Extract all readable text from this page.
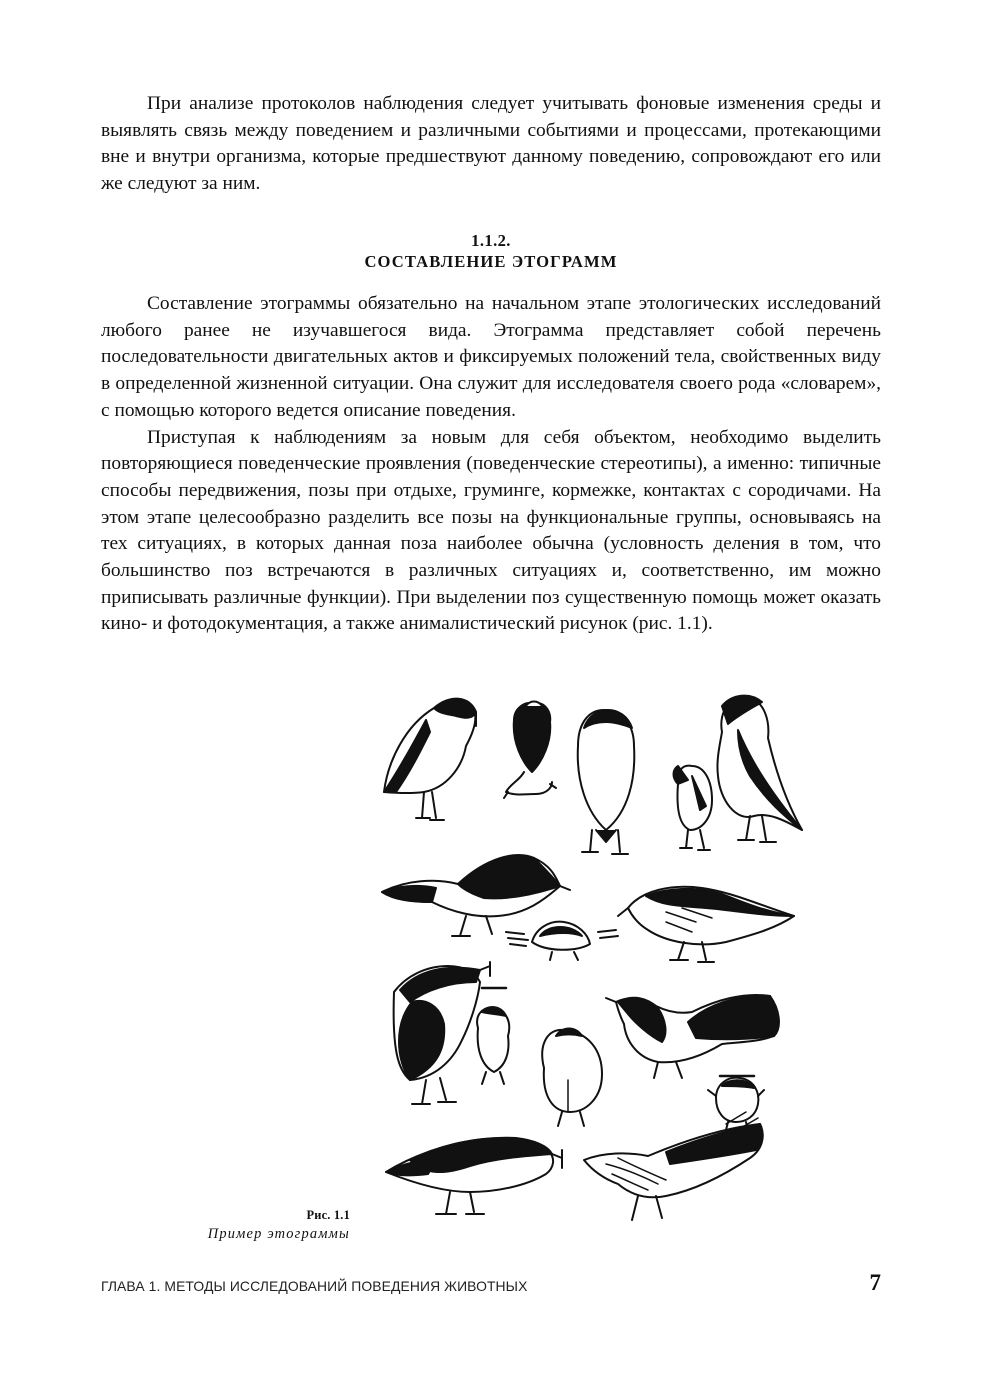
При анализе протоколов наблюдения следует учитывать фоновые изменения среды и выявлять связь между поведением и различными событиями и процессами, протекающими вне и внутри организма, которые предшествуют данному поведению, сопровождают его или же следуют за ним.

1.1.2.
СОСТАВЛЕНИЕ ЭТОГРАММ

Составление этограммы обязательно на начальном этапе этологических исследований любого ранее не изучавшегося вида. Этограмма представляет собой перечень последовательности двигательных актов и фиксируемых положений тела, свойственных виду в определенной жизненной ситуации. Она служит для исследователя своего рода «словарем», с помощью которого ведется описание поведения.

Приступая к наблюдениям за новым для себя объектом, необходимо выделить повторяющиеся поведенческие проявления (поведенческие стереотипы), а именно: типичные способы передвижения, позы при отдыхе, груминге, кормежке, контактах с сородичами. На этом этапе целесообразно разделить все позы на функциональные группы, основываясь на тех ситуациях, в которых данная поза наиболее обычна (условность деления в том, что большинство поз встречаются в различных ситуациях и, соответственно, им можно приписывать различные функции). При выделении поз существенную помощь может оказать кино- и фотодокументация, а также анималистический рисунок (рис. 1.1).

Рис. 1.1
Пример этограммы
ГЛАВА 1. МЕТОДЫ ИССЛЕДОВАНИЙ ПОВЕДЕНИЯ ЖИВОТНЫХ	7
